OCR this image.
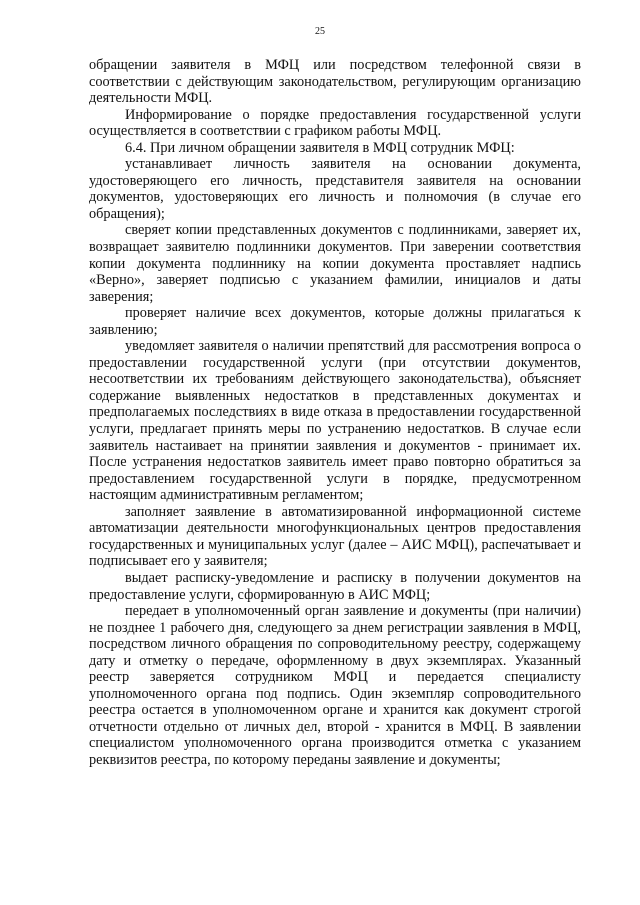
25

обращении заявителя в МФЦ или посредством телефонной связи в соответствии с действующим законодательством, регулирующим организацию деятельности МФЦ.

Информирование о порядке предоставления государственной услуги осуществляется в соответствии с графиком работы МФЦ.

6.4. При личном обращении заявителя в МФЦ сотрудник МФЦ:

устанавливает личность заявителя на основании документа, удостоверяющего его личность, представителя заявителя на основании документов, удостоверяющих его личность и полномочия (в случае его обращения);

сверяет копии представленных документов с подлинниками, заверяет их, возвращает заявителю подлинники документов. При заверении соответствия копии документа подлиннику на копии документа проставляет надпись «Верно», заверяет подписью с указанием фамилии, инициалов и даты заверения;

проверяет наличие всех документов, которые должны прилагаться к заявлению;

уведомляет заявителя о наличии препятствий для рассмотрения вопроса о предоставлении государственной услуги (при отсутствии документов, несоответствии их требованиям действующего законодательства), объясняет содержание выявленных недостатков в представленных документах и предполагаемых последствиях в виде отказа в предоставлении государственной услуги, предлагает принять меры по устранению недостатков. В случае если заявитель настаивает на принятии заявления и документов - принимает их. После устранения недостатков заявитель имеет право повторно обратиться за предоставлением государственной услуги в порядке, предусмотренном настоящим административным регламентом;

заполняет заявление в автоматизированной информационной системе автоматизации деятельности многофункциональных центров предоставления государственных и муниципальных услуг (далее – АИС МФЦ), распечатывает и подписывает его у заявителя;

выдает расписку-уведомление и расписку в получении документов на предоставление услуги, сформированную в АИС МФЦ;

передает в уполномоченный орган заявление и документы (при наличии) не позднее 1 рабочего дня, следующего за днем регистрации заявления в МФЦ, посредством личного обращения по сопроводительному реестру, содержащему дату и отметку о передаче, оформленному в двух экземплярах. Указанный реестр заверяется сотрудником МФЦ и передается специалисту уполномоченного органа под подпись. Один экземпляр сопроводительного реестра остается в уполномоченном органе и хранится как документ строгой отчетности отдельно от личных дел, второй - хранится в МФЦ. В заявлении специалистом уполномоченного органа производится отметка с указанием реквизитов реестра, по которому переданы заявление и документы;
